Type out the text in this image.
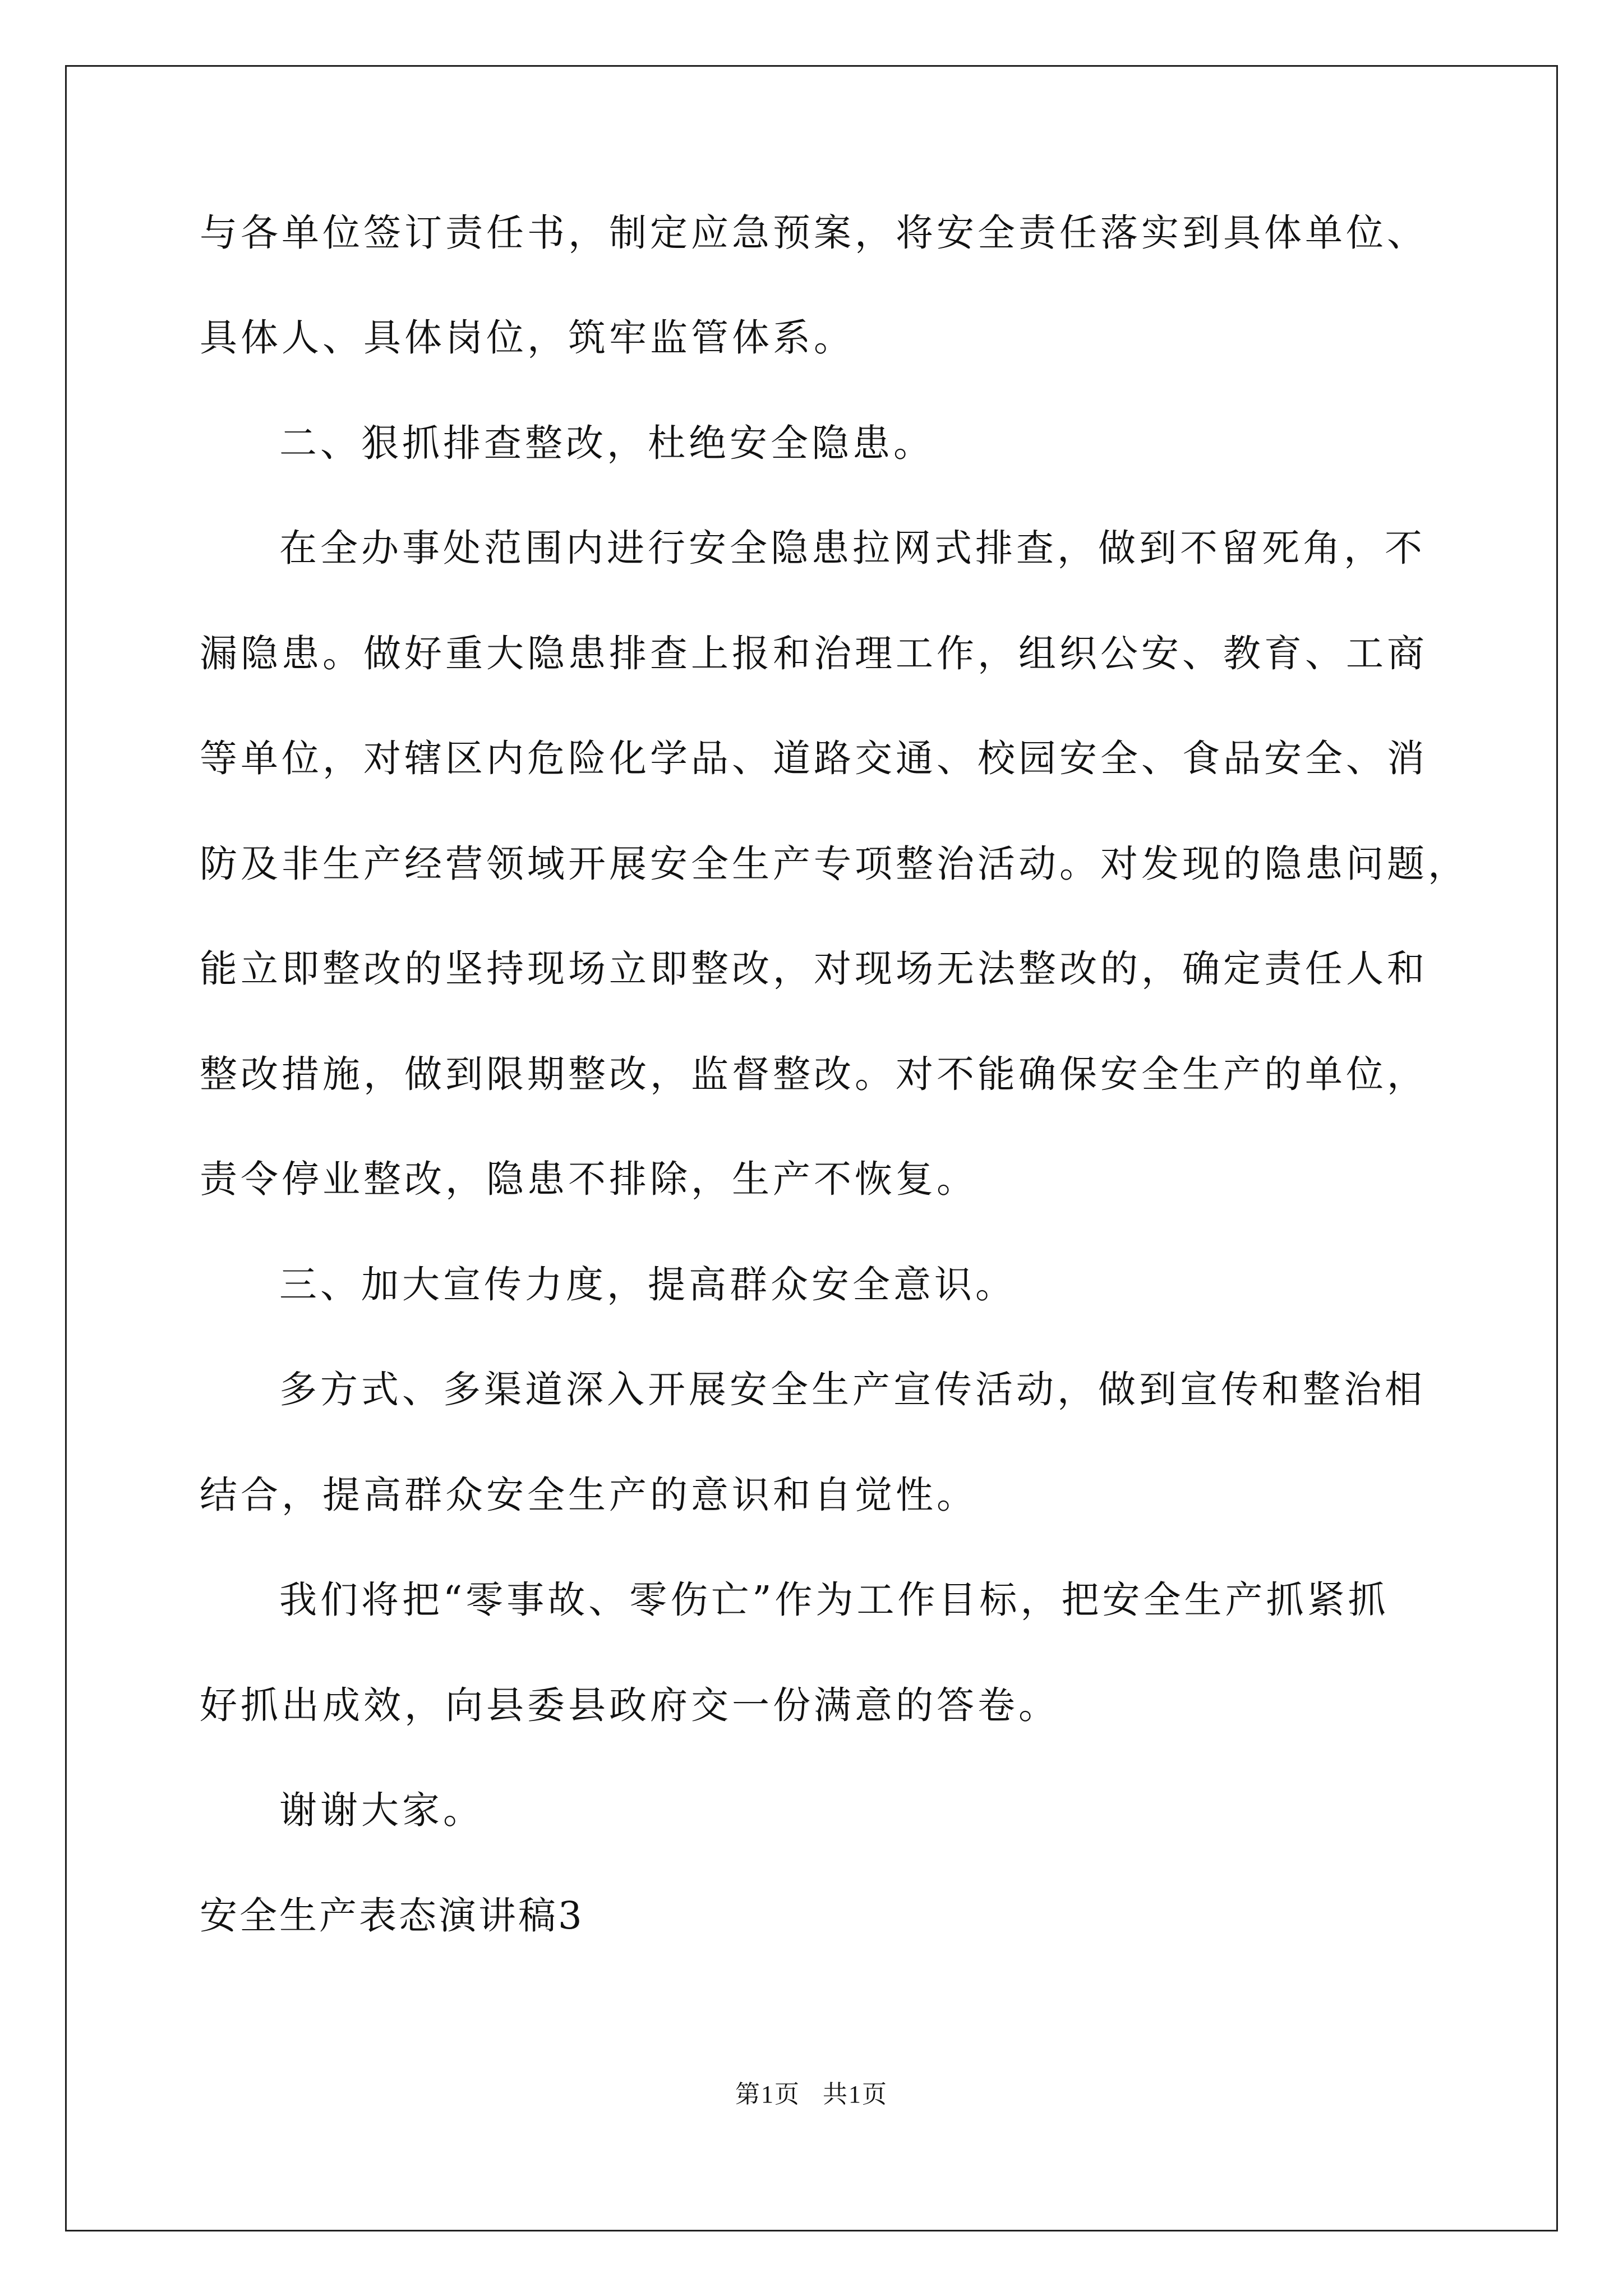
与各单位签订责任书，制定应急预案，将安全责任落实到具体单位、
具体人、具体岗位，筑牢监管体系。
二、狠抓排查整改，杜绝安全隐患。
在全办事处范围内进行安全隐患拉网式排查，做到不留死角，不
漏隐患。做好重大隐患排查上报和治理工作，组织公安、教育、工商
等单位，对辖区内危险化学品、道路交通、校园安全、食品安全、消
防及非生产经营领域开展安全生产专项整治活动。对发现的隐患问题，
能立即整改的坚持现场立即整改，对现场无法整改的，确定责任人和
整改措施，做到限期整改，监督整改。对不能确保安全生产的单位，
责令停业整改，隐患不排除，生产不恢复。
三、加大宣传力度，提高群众安全意识。
多方式、多渠道深入开展安全生产宣传活动，做到宣传和整治相
结合，提高群众安全生产的意识和自觉性。
我们将把“零事故、零伤亡”作为工作目标，把安全生产抓紧抓
好抓出成效，向县委县政府交一份满意的答卷。
谢谢大家。
安全生产表态演讲稿3
第1页 共1页
